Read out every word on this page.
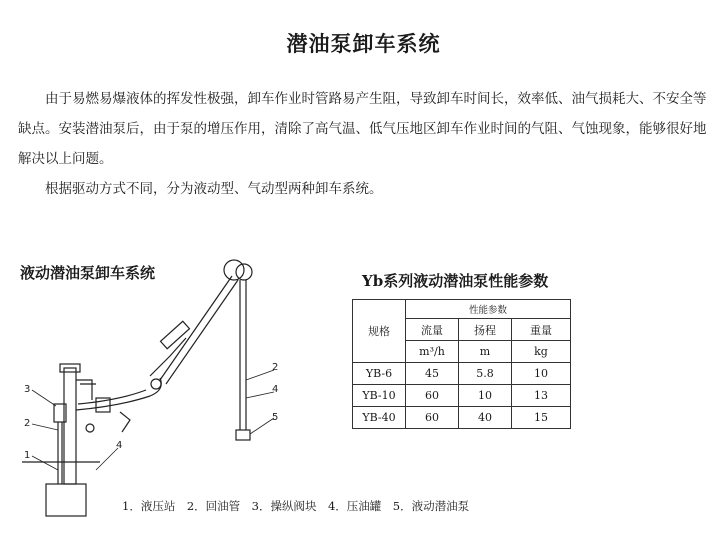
潜油泵卸车系统
由于易燃易爆液体的挥发性极强，卸车作业时管路易产生阻，导致卸车时间长，效率低、油气损耗大、不安全等缺点。安装潜油泵后，由于泵的增压作用，清除了高气温、低气压地区卸车作业时间的气阻、气蚀现象，能够很好地解决以上问题。
根据驱动方式不同，分为液动型、气动型两种卸车系统。
液动潜油泵卸车系统
3
2
1
4
2
4
5
1．液压站　2．回油管　3．操纵阀块　4．压油罐　5．液动潜油泵
Yb系列液动潜油泵性能参数
规格	性能参数		
	流量	扬程	重量
	m³/h	m	kg
YB-6	45	5.8	10
YB-10	60	10	13
YB-40	60	40	15
